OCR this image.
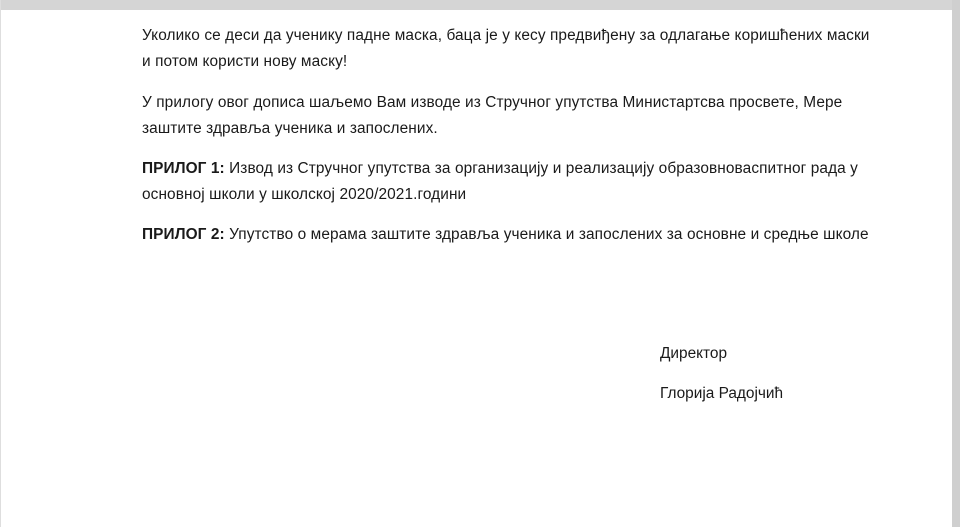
Уколико се деси да ученику падне маска, баца је у кесу предвиђену за одлагање коришћених маски и потом користи нову маску!

У прилогу овог дописа шаљемо Вам изводе из Стручног упутства Министартсва просвете, Мере заштите здравља ученика и запослених.

ПРИЛОГ 1: Извод из Стручног упутства за организацију и реализацију образовноваспитног рада у основној школи у школској 2020/2021.години

ПРИЛОГ 2: Упутство о мерама заштите здравља ученика и запослених за основне и средње школе

Директор

Глорија Радојчић
